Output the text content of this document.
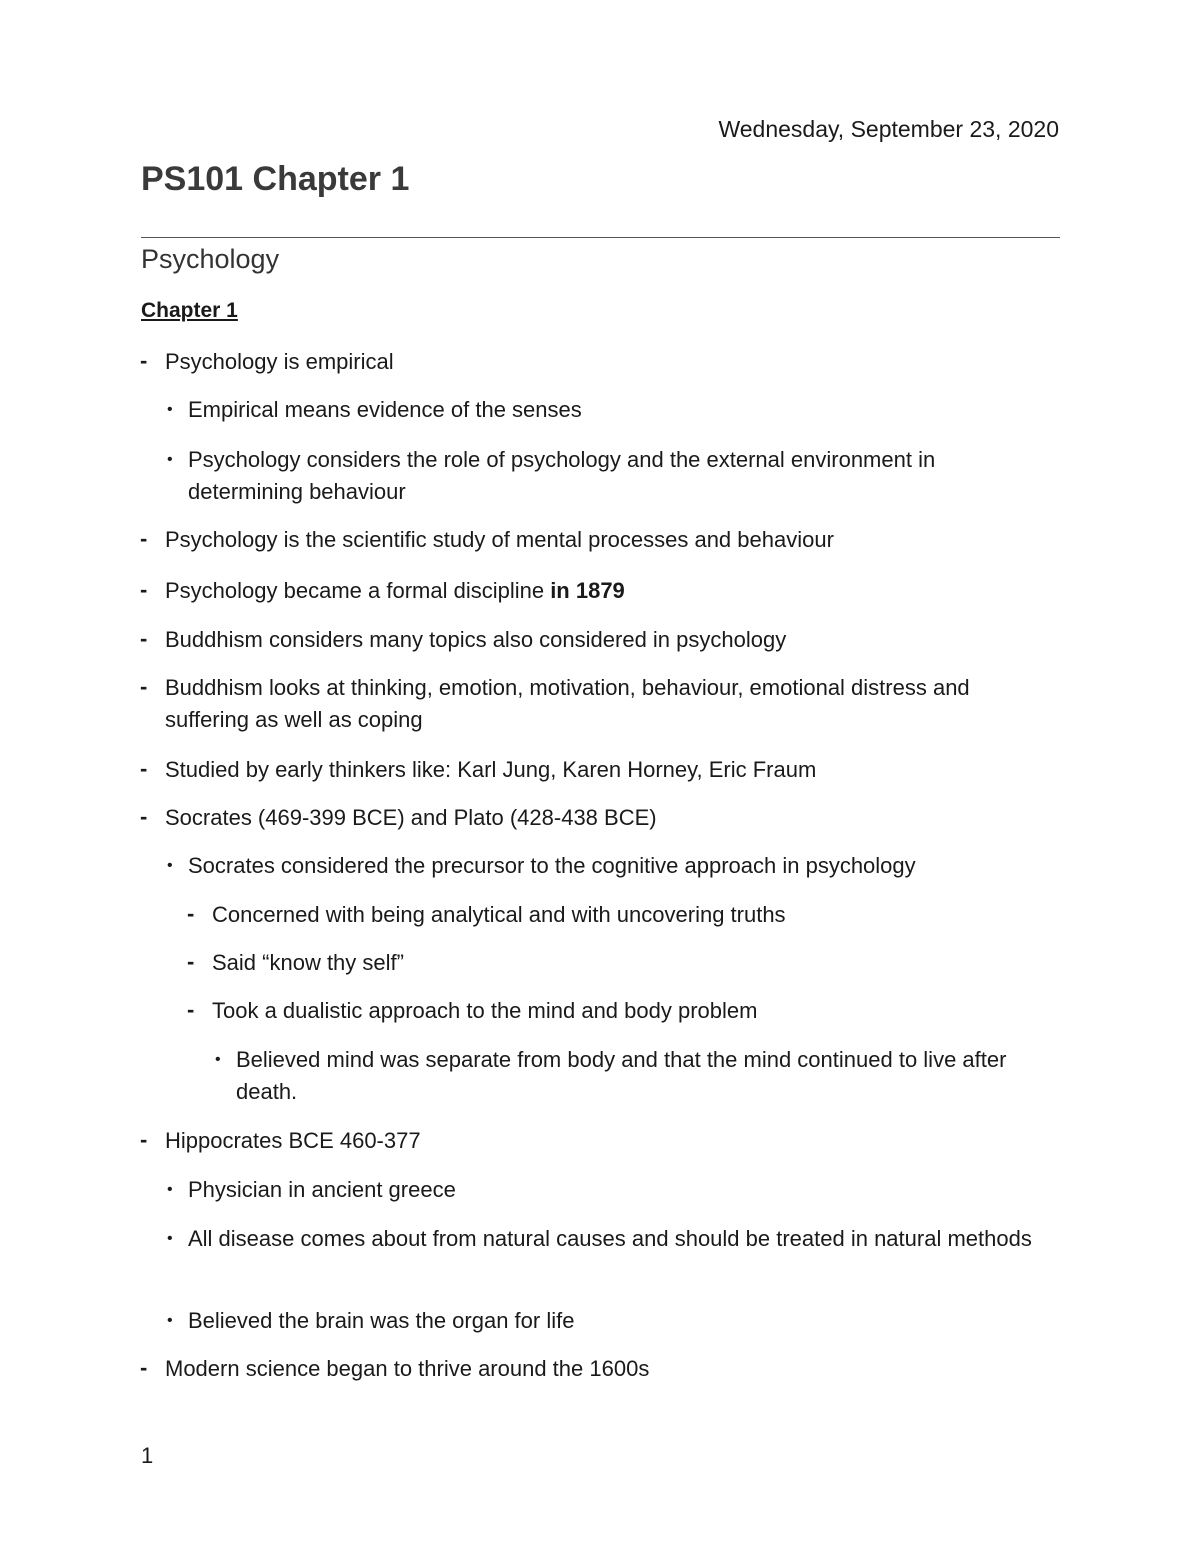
Wednesday, September 23, 2020
PS101 Chapter 1
Psychology
Chapter 1
- Psychology is empirical
• Empirical means evidence of the senses
• Psychology considers the role of psychology and the external environment in determining behaviour
- Psychology is the scientific study of mental processes and behaviour
- Psychology became a formal discipline in 1879
- Buddhism considers many topics also considered in psychology
- Buddhism looks at thinking, emotion, motivation, behaviour, emotional distress and suffering as well as coping
- Studied by early thinkers like: Karl Jung, Karen Horney, Eric Fraum
- Socrates (469-399 BCE) and Plato (428-438 BCE)
• Socrates considered the precursor to the cognitive approach in psychology
- Concerned with being analytical and with uncovering truths
- Said “know thy self”
- Took a dualistic approach to the mind and body problem
• Believed mind was separate from body and that the mind continued to live after death.
- Hippocrates BCE 460-377
• Physician in ancient greece
• All disease comes about from natural causes and should be treated in natural methods
• Believed the brain was the organ for life
- Modern science began to thrive around the 1600s
1
